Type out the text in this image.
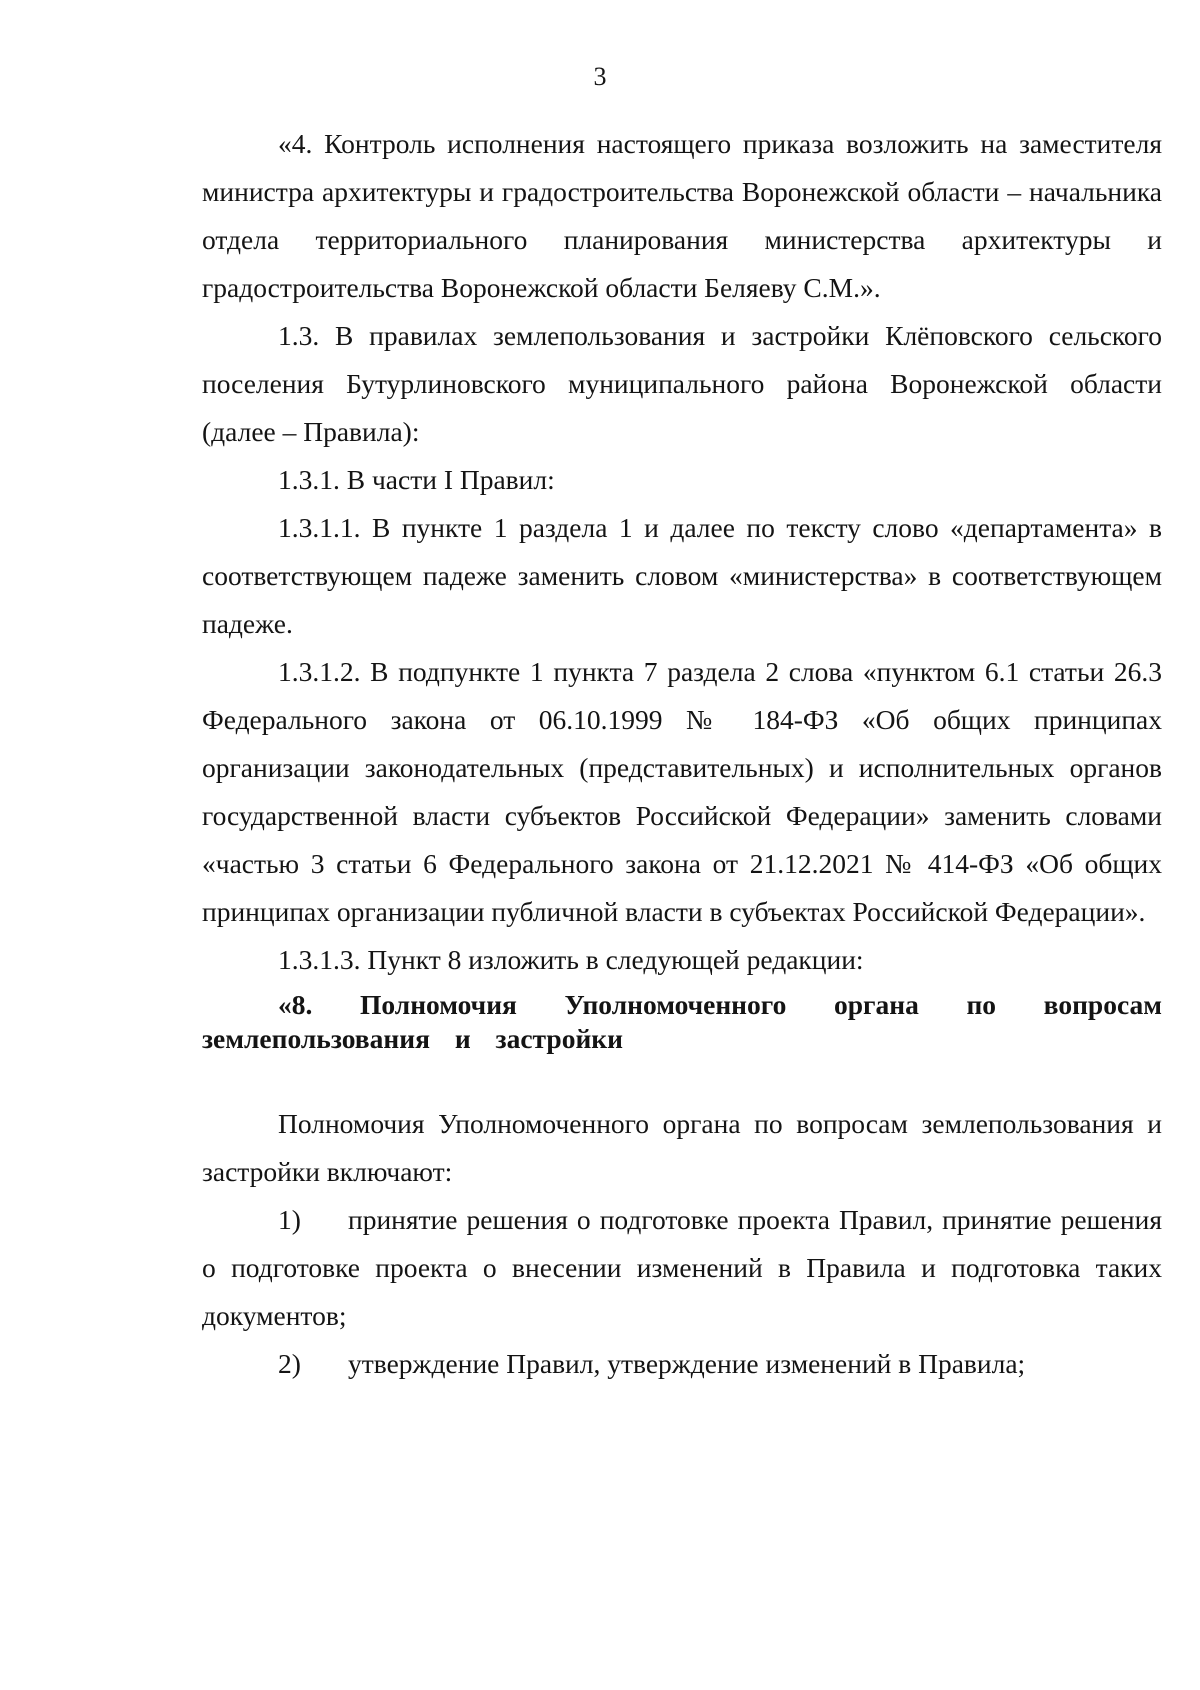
3

«4. Контроль исполнения настоящего приказа возложить на заместителя министра архитектуры и градостроительства Воронежской области – начальника отдела территориального планирования министерства архитектуры и градостроительства Воронежской области Беляеву С.М.».

1.3. В правилах землепользования и застройки Клёповского сельского поселения Бутурлиновского муниципального района Воронежской области (далее – Правила):

1.3.1. В части I Правил:

1.3.1.1. В пункте 1 раздела 1 и далее по тексту слово «департамента» в соответствующем падеже заменить словом «министерства» в соответствующем падеже.

1.3.1.2. В подпункте 1 пункта 7 раздела 2 слова «пунктом 6.1 статьи 26.3 Федерального закона от 06.10.1999 № 184-ФЗ «Об общих принципах организации законодательных (представительных) и исполнительных органов государственной власти субъектов Российской Федерации» заменить словами «частью 3 статьи 6 Федерального закона от 21.12.2021 № 414-ФЗ «Об общих принципах организации публичной власти в субъектах Российской Федерации».

1.3.1.3. Пункт 8 изложить в следующей редакции:

«8. Полномочия Уполномоченного органа по вопросам землепользования и застройки

Полномочия Уполномоченного органа по вопросам землепользования и застройки включают:

1) принятие решения о подготовке проекта Правил, принятие решения о подготовке проекта о внесении изменений в Правила и подготовка таких документов;

2) утверждение Правил, утверждение изменений в Правила;
